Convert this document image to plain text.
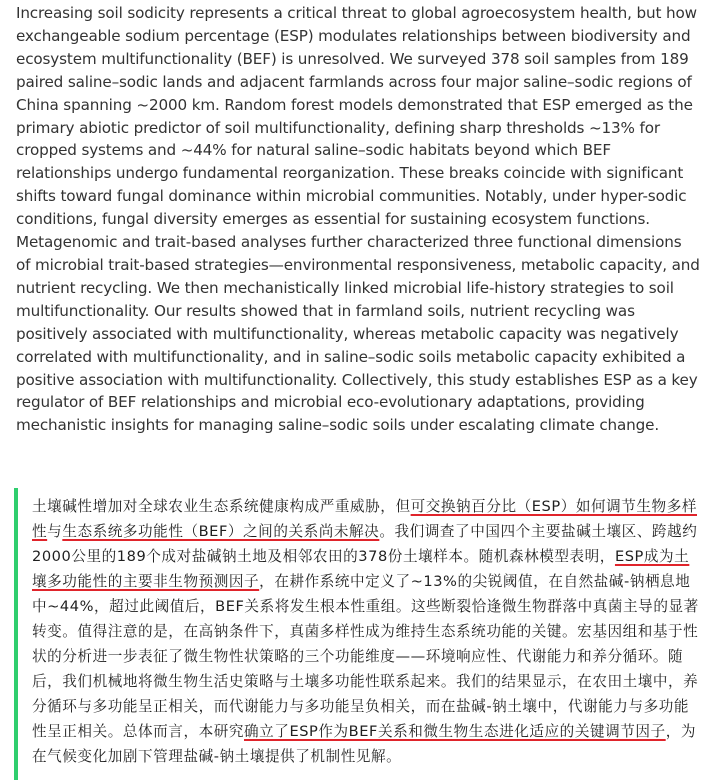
Increasing soil sodicity represents a critical threat to global agroecosystem health, but how exchangeable sodium percentage (ESP) modulates relationships between biodiversity and ecosystem multifunctionality (BEF) is unresolved. We surveyed 378 soil samples from 189 paired saline–sodic lands and adjacent farmlands across four major saline–sodic regions of China spanning ~2000 km. Random forest models demonstrated that ESP emerged as the primary abiotic predictor of soil multifunctionality, defining sharp thresholds ~13% for cropped systems and ~44% for natural saline–sodic habitats beyond which BEF relationships undergo fundamental reorganization. These breaks coincide with significant shifts toward fungal dominance within microbial communities. Notably, under hyper-sodic conditions, fungal diversity emerges as essential for sustaining ecosystem functions. Metagenomic and trait-based analyses further characterized three functional dimensions of microbial trait-based strategies—environmental responsiveness, metabolic capacity, and nutrient recycling. We then mechanistically linked microbial life-history strategies to soil multifunctionality. Our results showed that in farmland soils, nutrient recycling was positively associated with multifunctionality, whereas metabolic capacity was negatively correlated with multifunctionality, and in saline–sodic soils metabolic capacity exhibited a positive association with multifunctionality. Collectively, this study establishes ESP as a key regulator of BEF relationships and microbial eco-evolutionary adaptations, providing mechanistic insights for managing saline–sodic soils under escalating climate change.

土壤碱性增加对全球农业生态系统健康构成严重威胁，但可交换钠百分比（ESP）如何调节生物多样性与生态系统多功能性（BEF）之间的关系尚未解决。我们调查了中国四个主要盐碱土壤区、跨越约2000公里的189个成对盐碱钠土地及相邻农田的378份土壤样本。随机森林模型表明，ESP成为土壤多功能性的主要非生物预测因子，在耕作系统中定义了~13%的尖锐阈值，在自然盐碱-钠栖息地中~44%，超过此阈值后，BEF关系将发生根本性重组。这些断裂恰逢微生物群落中真菌主导的显著转变。值得注意的是，在高钠条件下，真菌多样性成为维持生态系统功能的关键。宏基因组和基于性状的分析进一步表征了微生物性状策略的三个功能维度——环境响应性、代谢能力和养分循环。随后，我们机械地将微生物生活史策略与土壤多功能性联系起来。我们的结果显示，在农田土壤中，养分循环与多功能呈正相关，而代谢能力与多功能呈负相关，而在盐碱-钠土壤中，代谢能力与多功能性呈正相关。总体而言，本研究确立了ESP作为BEF关系和微生物生态进化适应的关键调节因子，为在气候变化加剧下管理盐碱-钠土壤提供了机制性见解。
